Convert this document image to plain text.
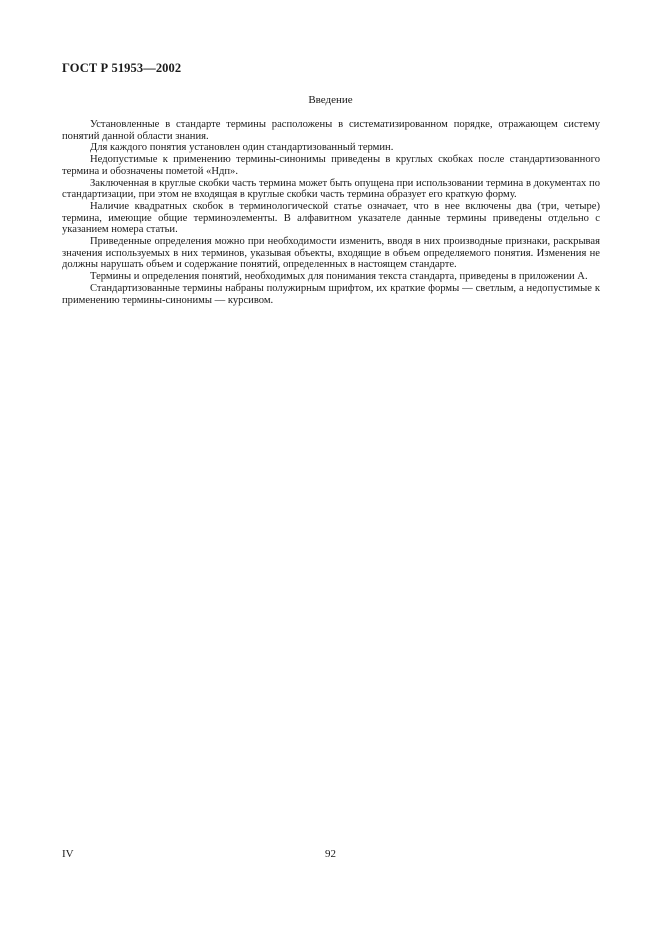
ГОСТ Р 51953—2002
Введение

Установленные в стандарте термины расположены в систематизированном порядке, отражающем систему понятий данной области знания.

Для каждого понятия установлен один стандартизованный термин.

Недопустимые к применению термины-синонимы приведены в круглых скобках после стандартизованного термина и обозначены пометой «Ндп».

Заключенная в круглые скобки часть термина может быть опущена при использовании термина в документах по стандартизации, при этом не входящая в круглые скобки часть термина образует его краткую форму.

Наличие квадратных скобок в терминологической статье означает, что в нее включены два (три, четыре) термина, имеющие общие терминоэлементы. В алфавитном указателе данные термины приведены отдельно с указанием номера статьи.

Приведенные определения можно при необходимости изменить, вводя в них производные признаки, раскрывая значения используемых в них терминов, указывая объекты, входящие в объем определяемого понятия. Изменения не должны нарушать объем и содержание понятий, определенных в настоящем стандарте.

Термины и определения понятий, необходимых для понимания текста стандарта, приведены в приложении А.

Стандартизованные термины набраны полужирным шрифтом, их краткие формы — светлым, а недопустимые к применению термины-синонимы — курсивом.

IV	92
